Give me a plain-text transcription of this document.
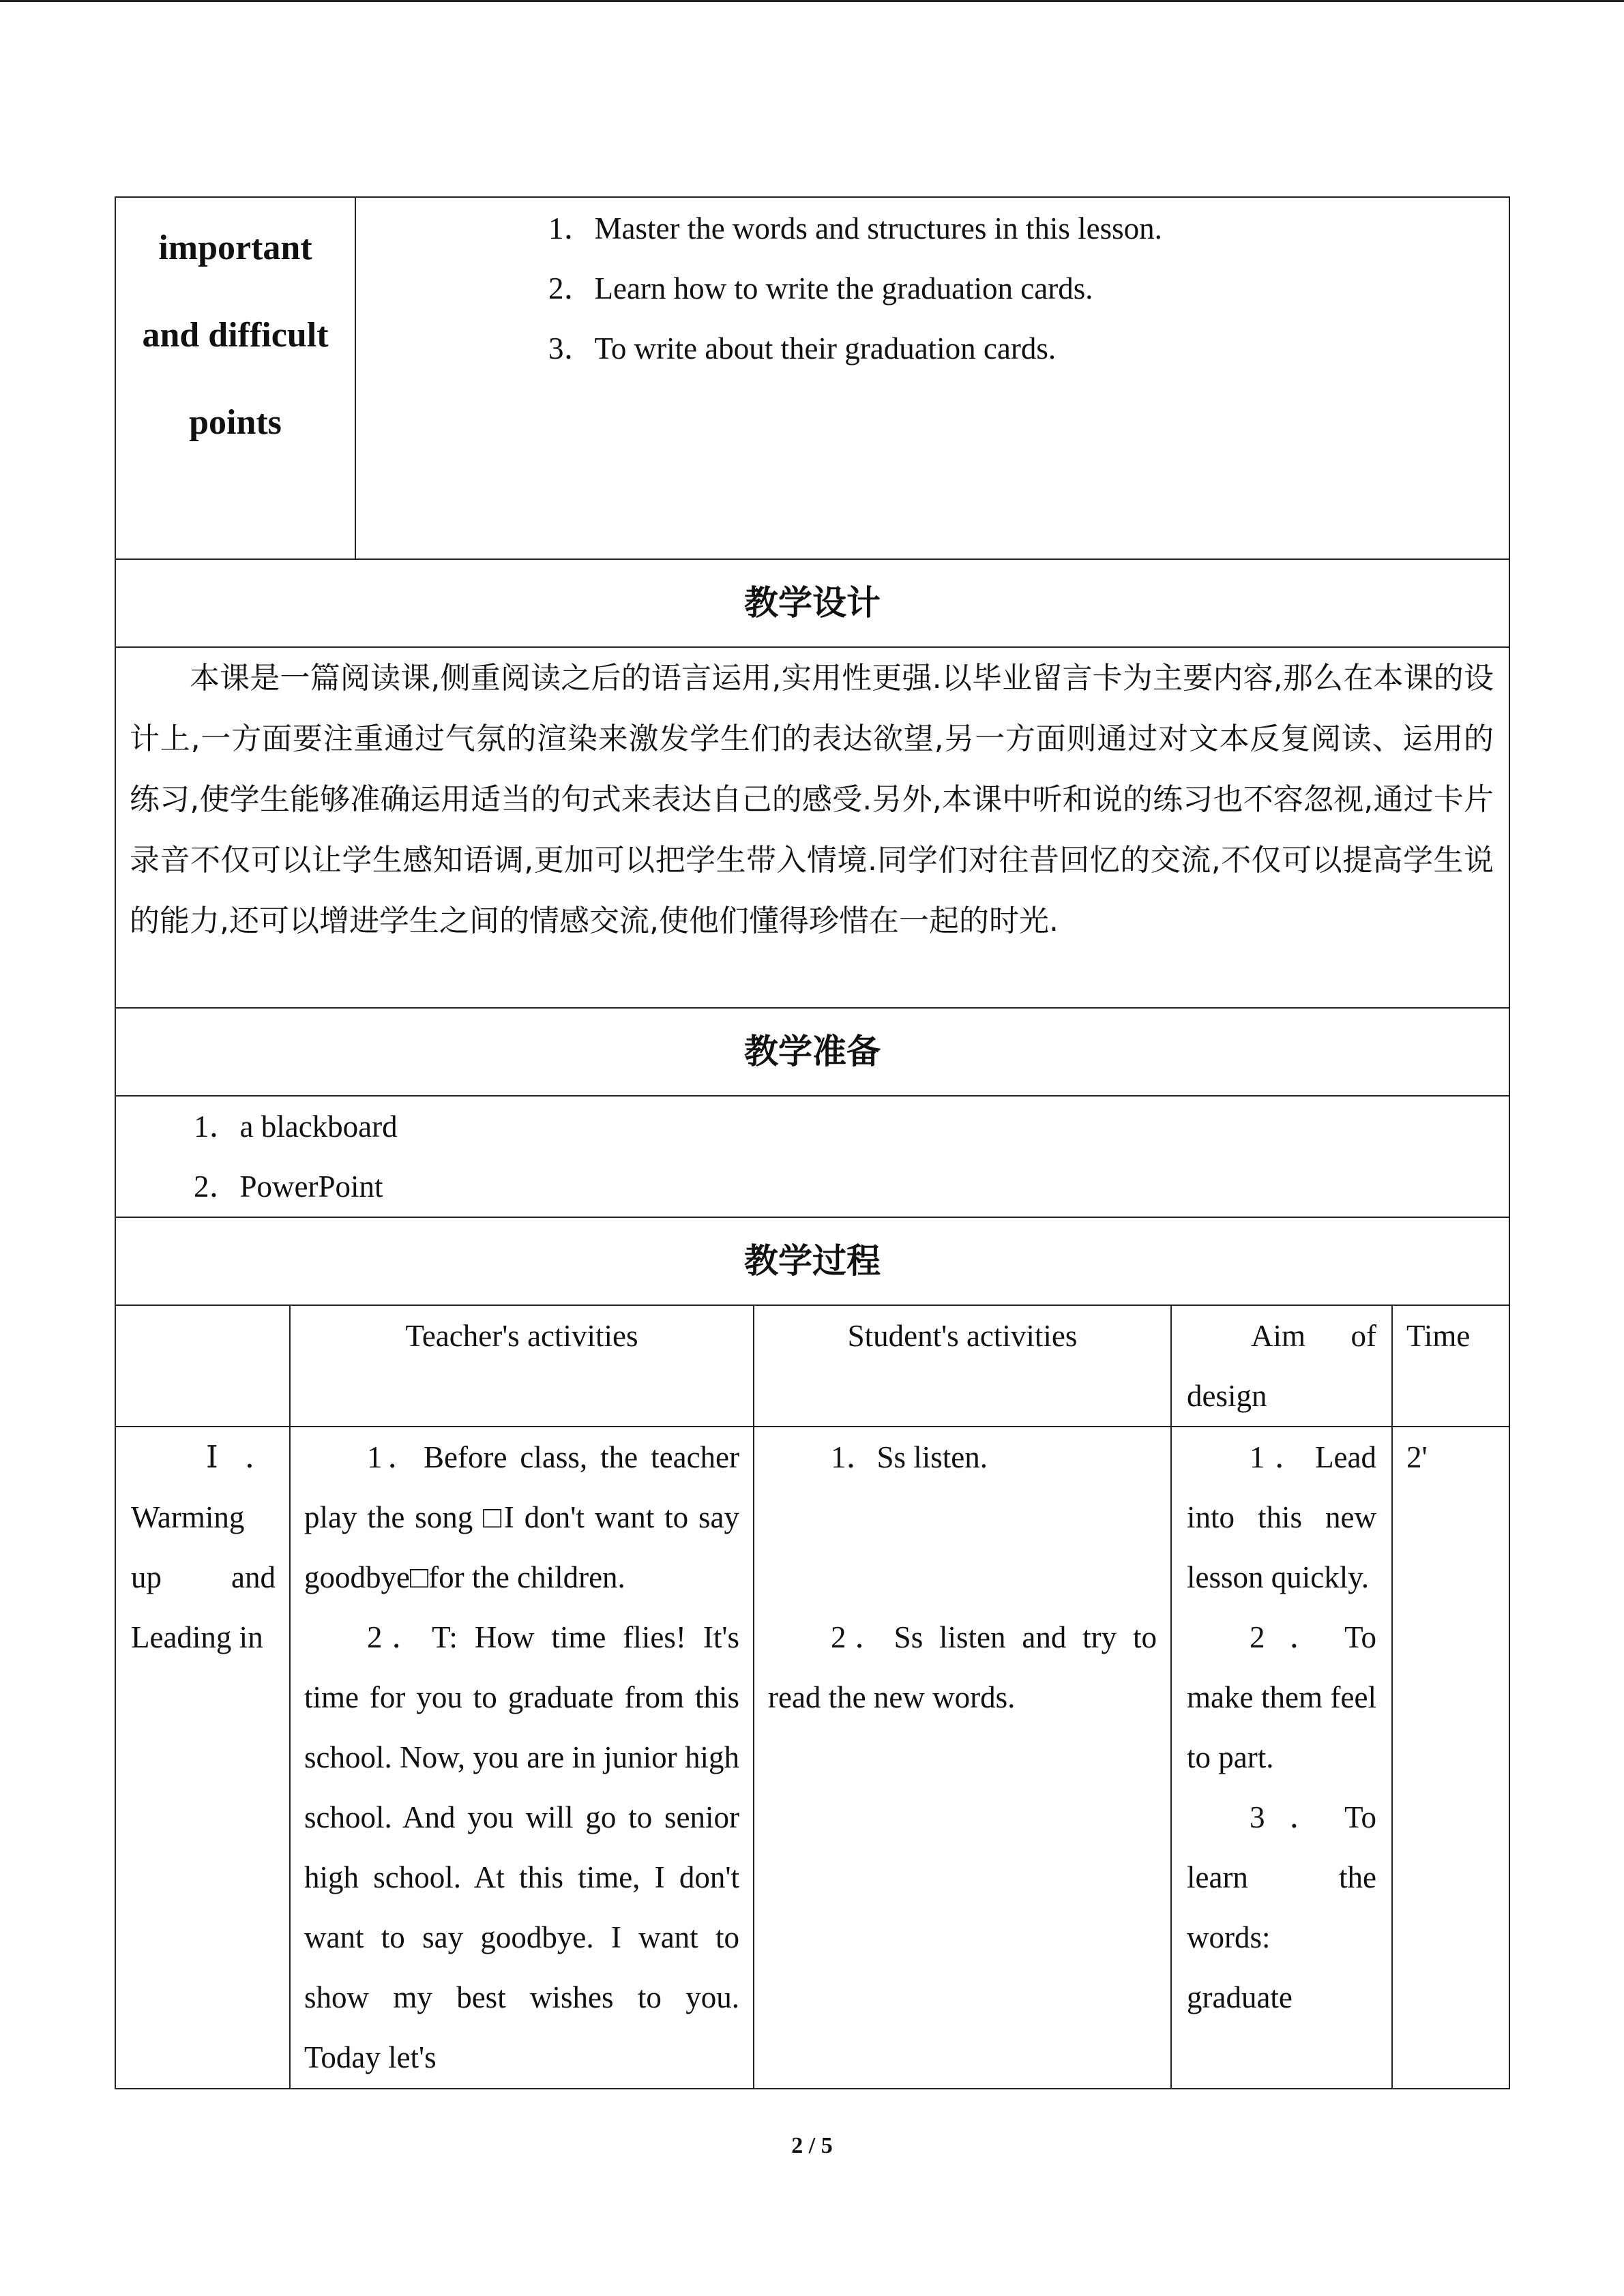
important
and difficult
points
1．Master the words and structures in this lesson.
2．Learn how to write the graduation cards.
3．To write about their graduation cards.
教学设计

本课是一篇阅读课,侧重阅读之后的语言运用,实用性更强.以毕业留言卡为主要内容,那么在本课的设计上,一方面要注重通过气氛的渲染来激发学生们的表达欲望,另一方面则通过对文本反复阅读、运用的练习,使学生能够准确运用适当的句式来表达自己的感受.另外,本课中听和说的练习也不容忽视,通过卡片录音不仅可以让学生感知语调,更加可以把学生带入情境.同学们对往昔回忆的交流,不仅可以提高学生说的能力,还可以增进学生之间的情感交流,使他们懂得珍惜在一起的时光.

教学准备
1．a blackboard
2．PowerPoint
教学过程
Teacher's activities	Student's activities	Aim of
design
Time

Ⅰ．Warming up and Leading in

1．Before class, the teacher play the song □I don't want to say goodbye□for the children.

2．T: How time flies! It's time for you to graduate from this school. Now, you are in junior high school. And you will go to senior high school. At this time, I don't want to say goodbye. I want to show my best wishes to you. Today let's

1．Ss listen.

2．Ss listen and try to read the new words.

1．Lead into this new lesson quickly.

2．To make them feel to part.

3．To learn the words: graduate

2'
2 / 5
